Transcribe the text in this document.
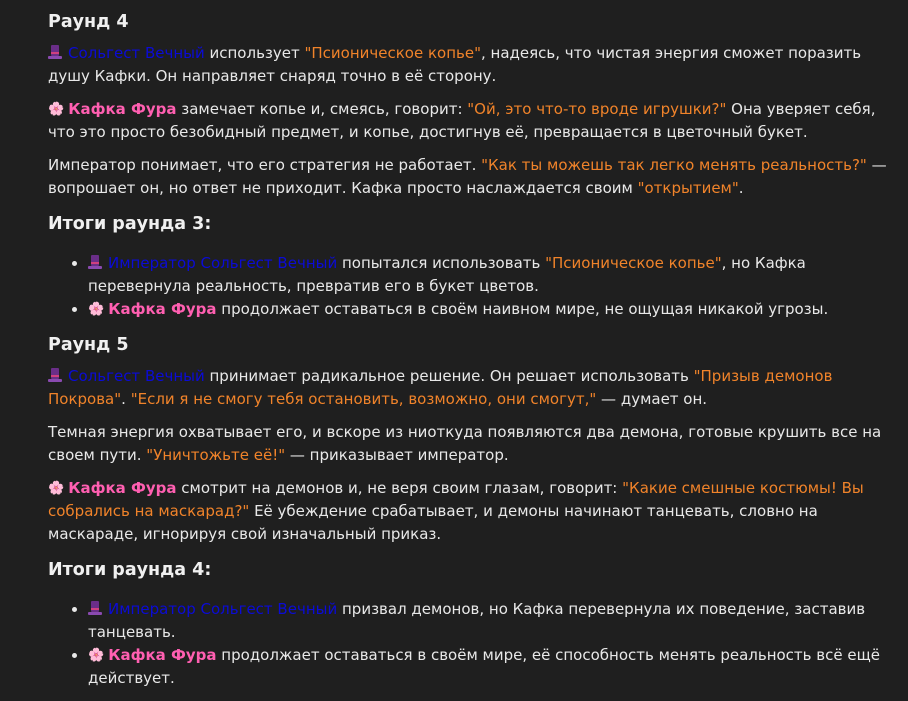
Раунд 4

Сольгест Вечный использует "Псионическое копье", надеясь, что чистая энергия сможет поразить душу Кафки. Он направляет снаряд точно в её сторону.

🌸 Кафка Фура замечает копье и, смеясь, говорит: "Ой, это что-то вроде игрушки?" Она уверяет себя, что это просто безобидный предмет, и копье, достигнув её, превращается в цветочный букет.

Император понимает, что его стратегия не работает. "Как ты можешь так легко менять реальность?" — вопрошает он, но ответ не приходит. Кафка просто наслаждается своим "открытием".

Итоги раунда 3:
• Император Сольгест Вечный попытался использовать "Псионическое копье", но Кафка перевернула реальность, превратив его в букет цветов.
• 🌸 Кафка Фура продолжает оставаться в своём наивном мире, не ощущая никакой угрозы.
Раунд 5

Сольгест Вечный принимает радикальное решение. Он решает использовать "Призыв демонов Покрова". "Если я не смогу тебя остановить, возможно, они смогут," — думает он.

Темная энергия охватывает его, и вскоре из ниоткуда появляются два демона, готовые крушить все на своем пути. "Уничтожьте её!" — приказывает император.

🌸 Кафка Фура смотрит на демонов и, не веря своим глазам, говорит: "Какие смешные костюмы! Вы собрались на маскарад?" Её убеждение срабатывает, и демоны начинают танцевать, словно на маскараде, игнорируя свой изначальный приказ.

Итоги раунда 4:
• Император Сольгест Вечный призвал демонов, но Кафка перевернула их поведение, заставив танцевать.
• 🌸 Кафка Фура продолжает оставаться в своём мире, её способность менять реальность всё ещё действует.
